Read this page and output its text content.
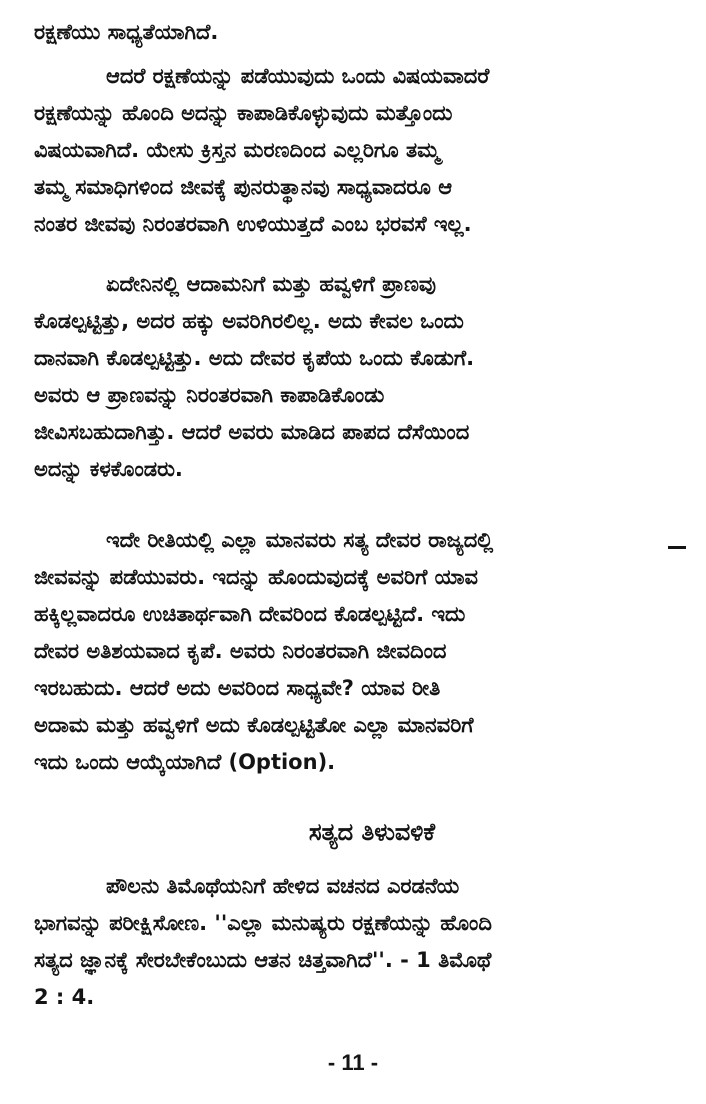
ರಕ್ಷಣೆಯು ಸಾಧ್ಯತೆಯಾಗಿದೆ.
ಆದರೆ ರಕ್ಷಣೆಯನ್ನು ಪಡೆಯುವುದು ಒಂದು ವಿಷಯವಾದರೆ
ರಕ್ಷಣೆಯನ್ನು ಹೊಂದಿ ಅದನ್ನು ಕಾಪಾಡಿಕೊಳ್ಳುವುದು ಮತ್ತೊಂದು
ವಿಷಯವಾಗಿದೆ. ಯೇಸು ಕ್ರಿಸ್ತನ ಮರಣದಿಂದ ಎಲ್ಲರಿಗೂ ತಮ್ಮ
ತಮ್ಮ ಸಮಾಧಿಗಳಿಂದ ಜೀವಕ್ಕೆ ಪುನರುತ್ಥಾನವು ಸಾಧ್ಯವಾದರೂ ಆ
ನಂತರ ಜೀವವು ನಿರಂತರವಾಗಿ ಉಳಿಯುತ್ತದೆ ಎಂಬ ಭರವಸೆ ಇಲ್ಲ.
ಏದೇನಿನಲ್ಲಿ ಆದಾಮನಿಗೆ ಮತ್ತು ಹವ್ವಳಿಗೆ ಪ್ರಾಣವು
ಕೊಡಲ್ಪಟ್ಟಿತ್ತು, ಅದರ ಹಕ್ಕು ಅವರಿಗಿರಲಿಲ್ಲ. ಅದು ಕೇವಲ ಒಂದು
ದಾನವಾಗಿ ಕೊಡಲ್ಪಟ್ಟಿತ್ತು. ಅದು ದೇವರ ಕೃಪೆಯ ಒಂದು ಕೊಡುಗೆ.
ಅವರು ಆ ಪ್ರಾಣವನ್ನು ನಿರಂತರವಾಗಿ ಕಾಪಾಡಿಕೊಂಡು
ಜೀವಿಸಬಹುದಾಗಿತ್ತು. ಆದರೆ ಅವರು ಮಾಡಿದ ಪಾಪದ ದೆಸೆಯಿಂದ
ಅದನ್ನು ಕಳಕೊಂಡರು.
ಇದೇ ರೀತಿಯಲ್ಲಿ ಎಲ್ಲಾ ಮಾನವರು ಸತ್ಯ ದೇವರ ರಾಜ್ಯದಲ್ಲಿ
ಜೀವವನ್ನು ಪಡೆಯುವರು. ಇದನ್ನು ಹೊಂದುವುದಕ್ಕೆ ಅವರಿಗೆ ಯಾವ
ಹಕ್ಕಿಲ್ಲವಾದರೂ ಉಚಿತಾರ್ಥವಾಗಿ ದೇವರಿಂದ ಕೊಡಲ್ಪಟ್ಟಿದೆ. ಇದು
ದೇವರ ಅತಿಶಯವಾದ ಕೃಪೆ. ಅವರು ನಿರಂತರವಾಗಿ ಜೀವದಿಂದ
ಇರಬಹುದು. ಆದರೆ ಅದು ಅವರಿಂದ ಸಾಧ್ಯವೇ? ಯಾವ ರೀತಿ
ಅದಾಮ ಮತ್ತು ಹವ್ವಳಿಗೆ ಅದು ಕೊಡಲ್ಪಟ್ಟಿತೋ ಎಲ್ಲಾ ಮಾನವರಿಗೆ
ಇದು ಒಂದು ಆಯ್ಕೆಯಾಗಿದೆ (Option).
ಸತ್ಯದ ತಿಳುವಳಿಕೆ
ಪೌಲನು ತಿಮೊಥೆಯನಿಗೆ ಹೇಳಿದ ವಚನದ ಎರಡನೆಯ
ಭಾಗವನ್ನು ಪರೀಕ್ಷಿಸೋಣ. ''ಎಲ್ಲಾ ಮನುಷ್ಯರು ರಕ್ಷಣೆಯನ್ನು ಹೊಂದಿ
ಸತ್ಯದ ಜ್ಞಾನಕ್ಕೆ ಸೇರಬೇಕೆಂಬುದು ಆತನ ಚಿತ್ತವಾಗಿದೆ''. - 1 ತಿಮೊಥೆ
2 : 4.
- 11 -
